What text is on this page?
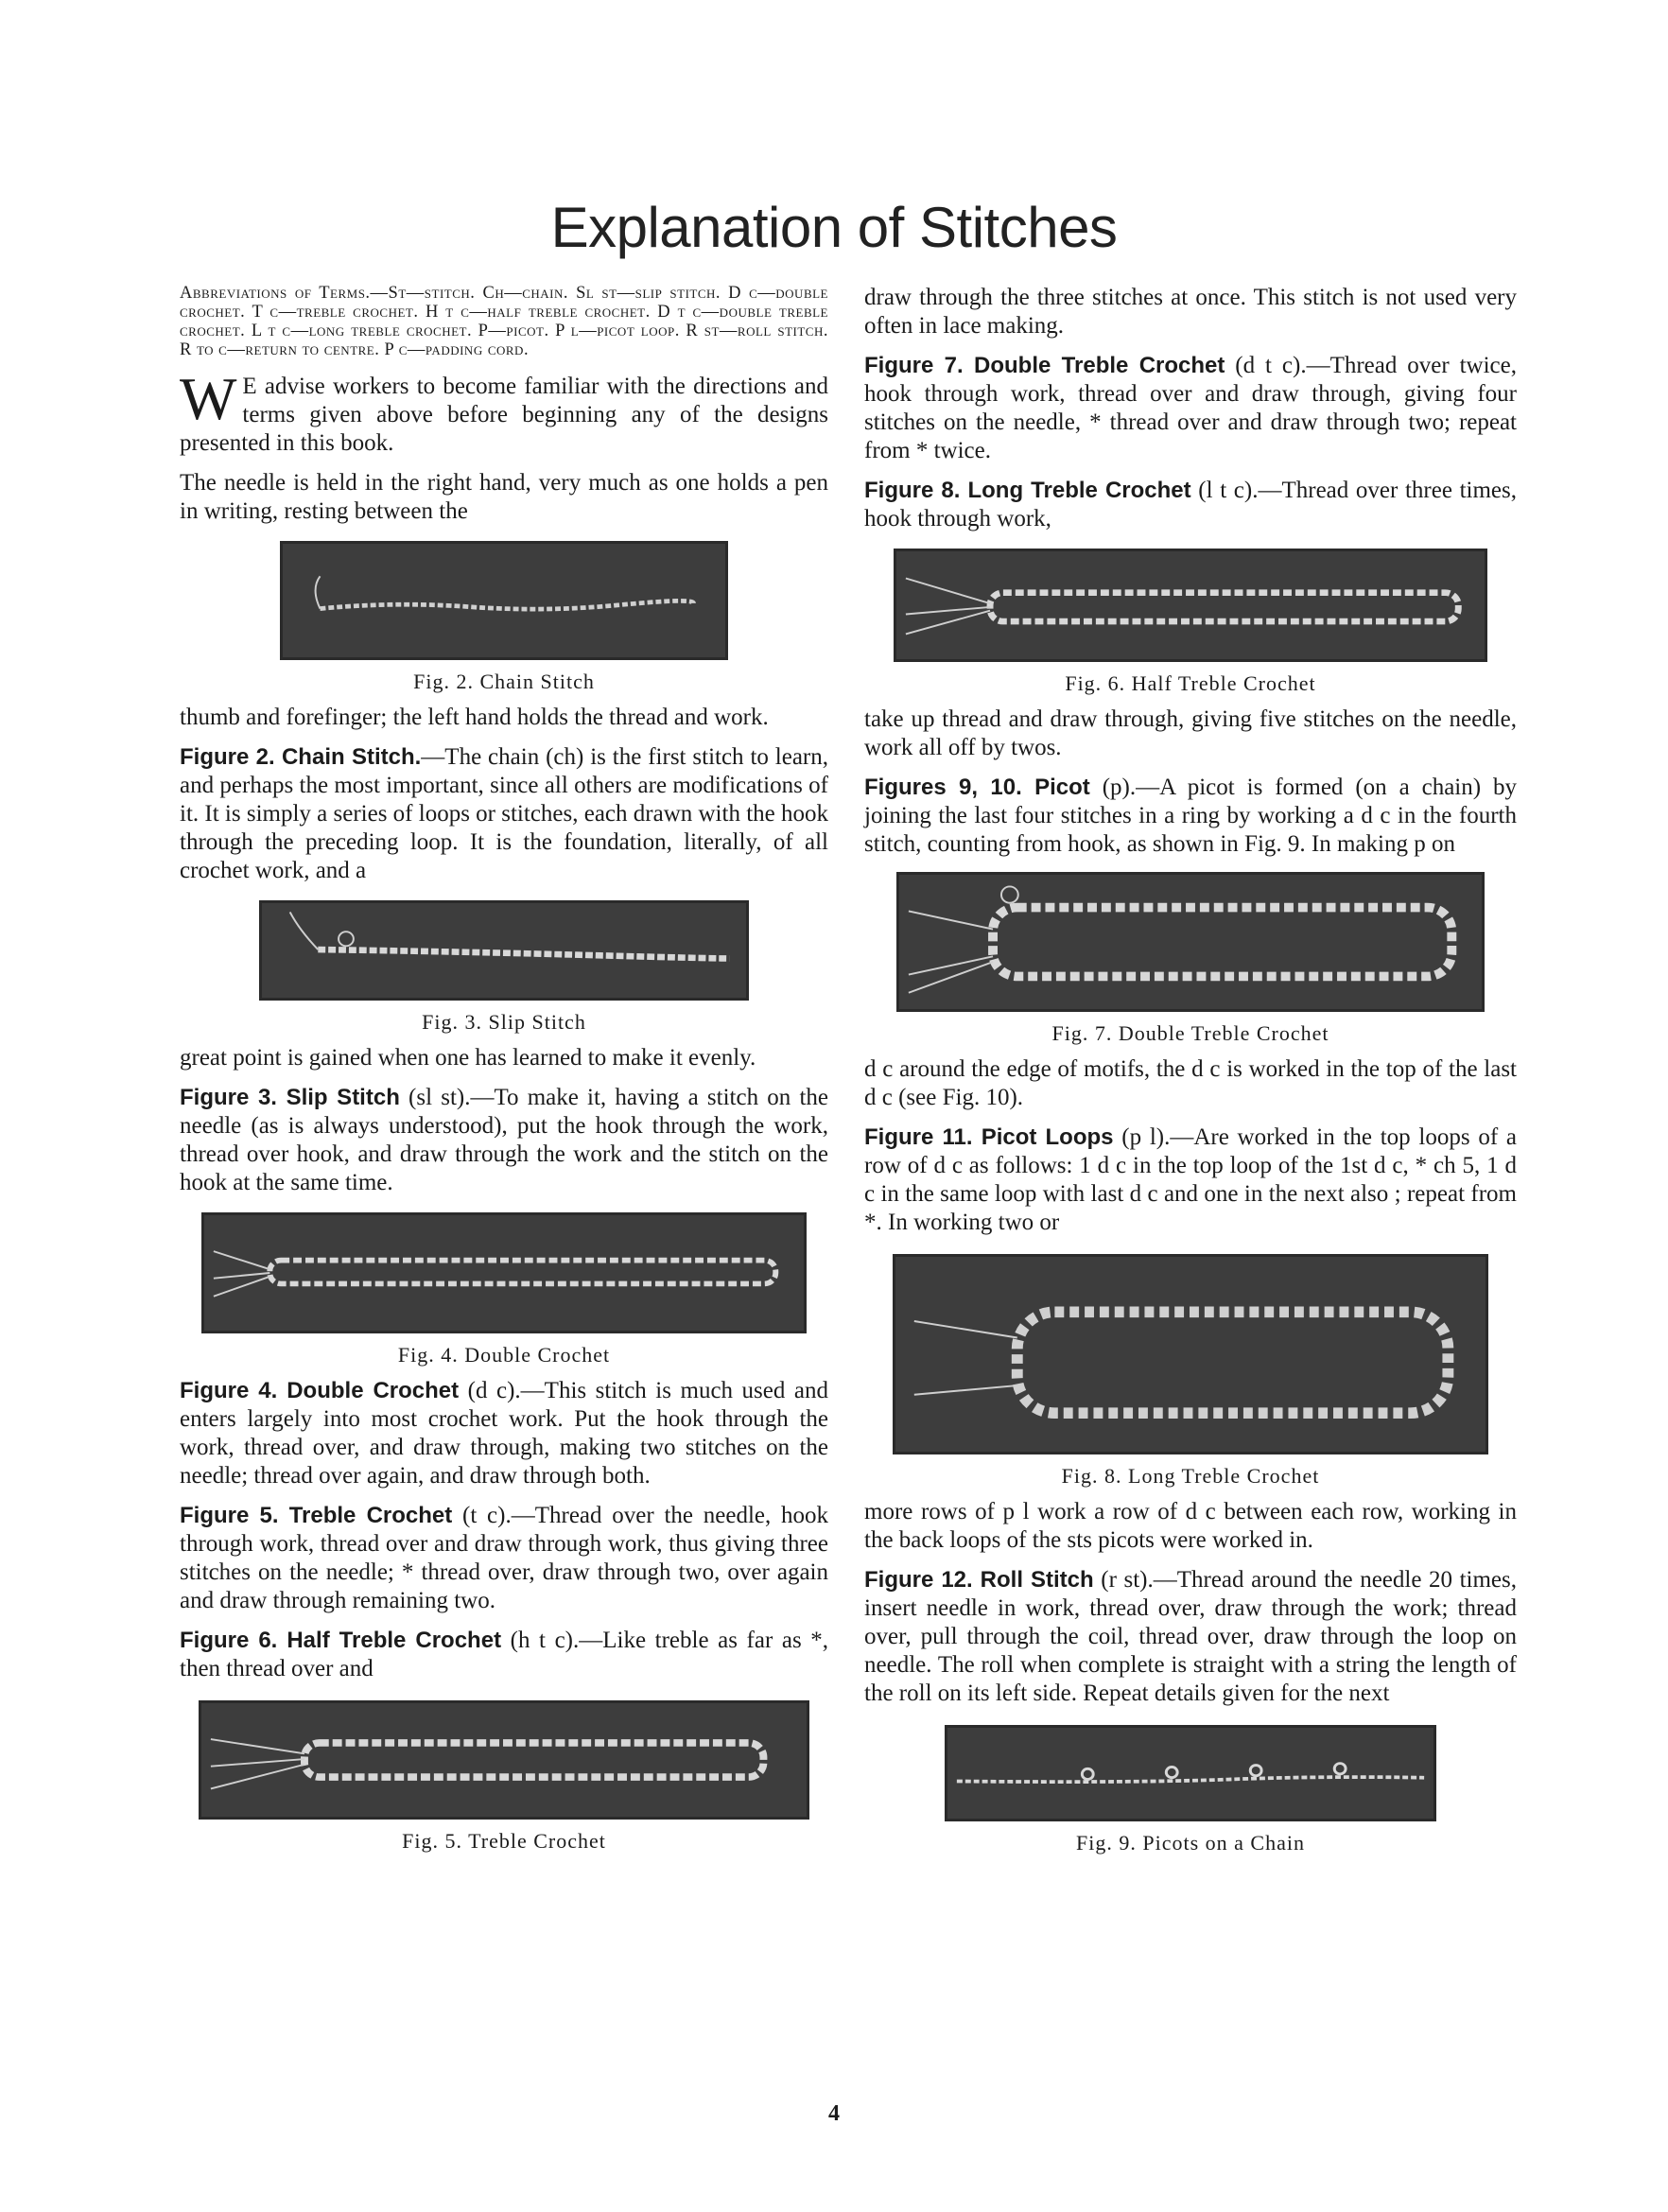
Explanation of Stitches

Abbreviations of Terms.—St—stitch. Ch—chain. Sl st—slip stitch. D c—double crochet. T c—treble crochet. H t c—half treble crochet. D t c—double treble crochet. L t c—long treble crochet. P—picot. P l—picot loop. R st—roll stitch. R to c—return to centre. P c—padding cord.

W E advise workers to become familiar with the directions and terms given above before beginning any of the designs presented in this book.

The needle is held in the right hand, very much as one holds a pen in writing, resting between the

Fig. 2. Chain Stitch

thumb and forefinger; the left hand holds the thread and work.

Figure 2. Chain Stitch.—The chain (ch) is the first stitch to learn, and perhaps the most important, since all others are modifications of it. It is simply a series of loops or stitches, each drawn with the hook through the preceding loop. It is the foundation, literally, of all crochet work, and a

Fig. 3. Slip Stitch

great point is gained when one has learned to make it evenly.

Figure 3. Slip Stitch (sl st).—To make it, having a stitch on the needle (as is always understood), put the hook through the work, thread over hook, and draw through the work and the stitch on the hook at the same time.

Fig. 4. Double Crochet

Figure 4. Double Crochet (d c).—This stitch is much used and enters largely into most crochet work. Put the hook through the work, thread over, and draw through, making two stitches on the needle; thread over again, and draw through both.

Figure 5. Treble Crochet (t c).—Thread over the needle, hook through work, thread over and draw through work, thus giving three stitches on the needle; * thread over, draw through two, over again and draw through remaining two.

Figure 6. Half Treble Crochet (h t c).—Like treble as far as *, then thread over and

Fig. 5. Treble Crochet

draw through the three stitches at once. This stitch is not used very often in lace making.

Figure 7. Double Treble Crochet (d t c).—Thread over twice, hook through work, thread over and draw through, giving four stitches on the needle, * thread over and draw through two; repeat from * twice.

Figure 8. Long Treble Crochet (l t c).—Thread over three times, hook through work,

Fig. 6. Half Treble Crochet

take up thread and draw through, giving five stitches on the needle, work all off by twos.

Figures 9, 10. Picot (p).—A picot is formed (on a chain) by joining the last four stitches in a ring by working a d c in the fourth stitch, counting from hook, as shown in Fig. 9. In making p on

Fig. 7. Double Treble Crochet

d c around the edge of motifs, the d c is worked in the top of the last d c (see Fig. 10).

Figure 11. Picot Loops (p l).—Are worked in the top loops of a row of d c as follows: 1 d c in the top loop of the 1st d c, * ch 5, 1 d c in the same loop with last d c and one in the next also ; repeat from *. In working two or

Fig. 8. Long Treble Crochet

more rows of p l work a row of d c between each row, working in the back loops of the sts picots were worked in.

Figure 12. Roll Stitch (r st).—Thread around the needle 20 times, insert needle in work, thread over, draw through the work; thread over, pull through the coil, thread over, draw through the loop on needle. The roll when complete is straight with a string the length of the roll on its left side. Repeat details given for the next

Fig. 9. Picots on a Chain
4
